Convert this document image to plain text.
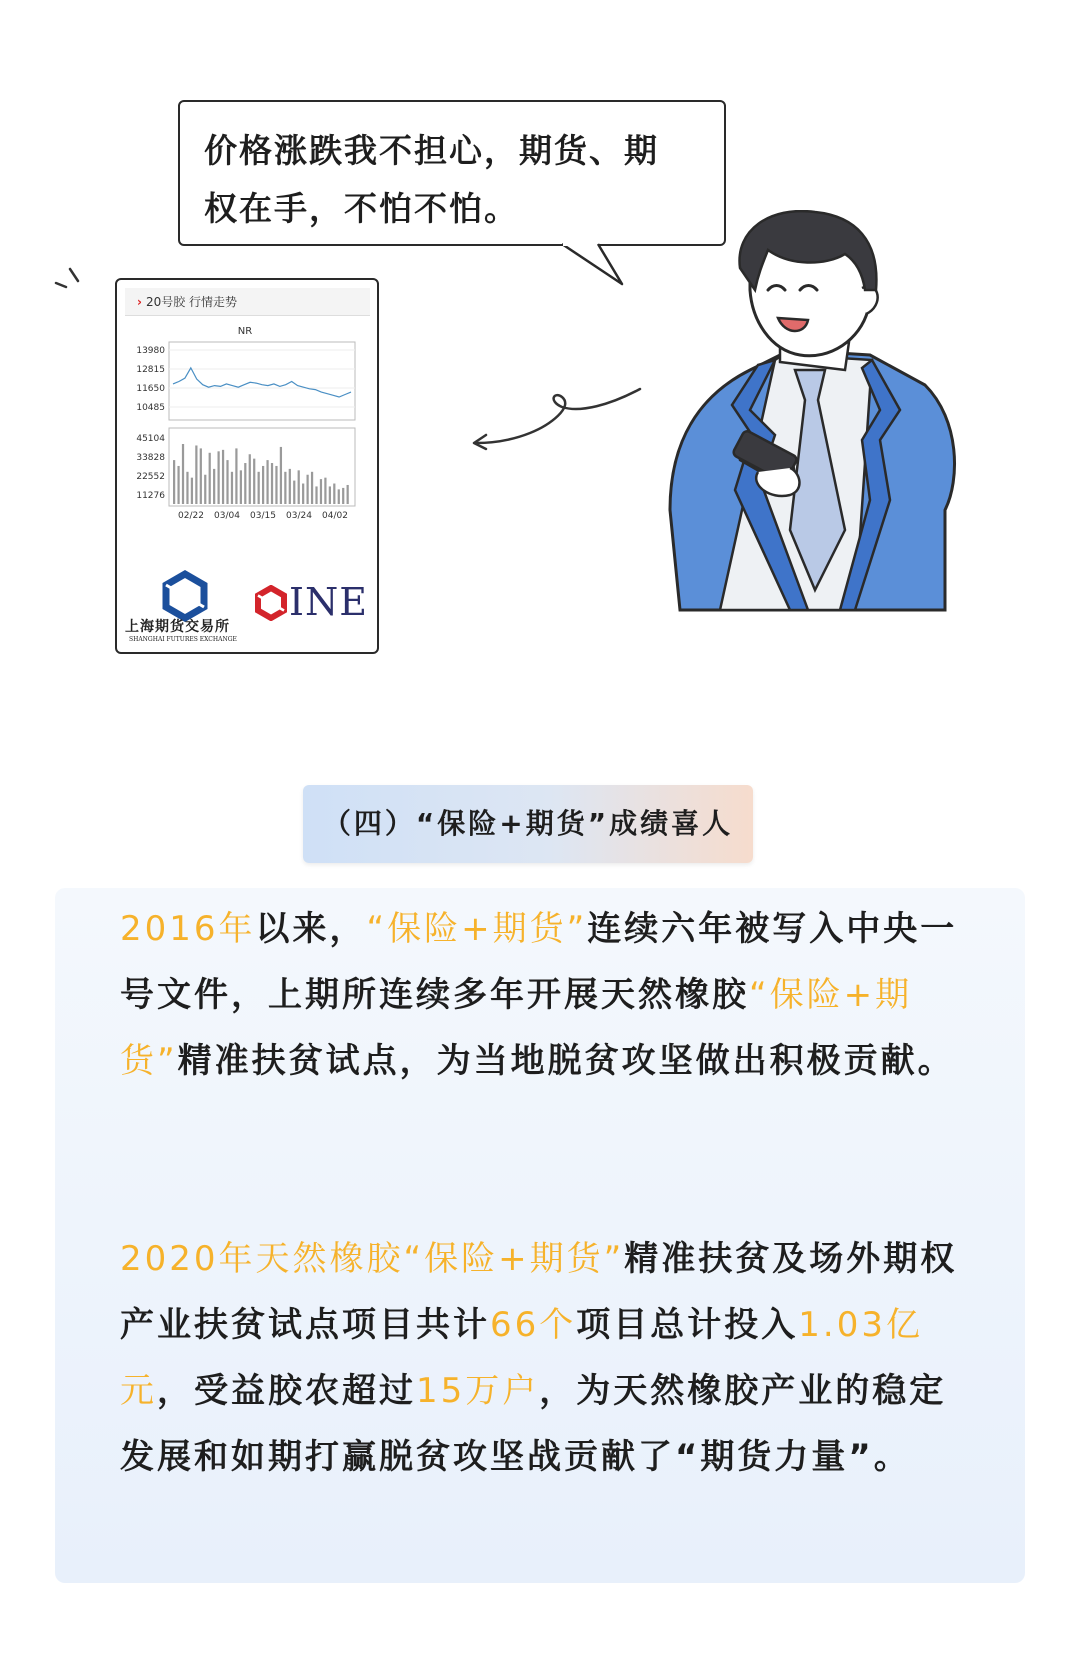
价格涨跌我不担心，期货、期
权在手，不怕不怕。
› 20号胶 行情走势
NR
13980
12815
11650
10485
45104
33828
22552
11276
02/22 03/04 03/15 03/24 04/02
上海期货交易所
SHANGHAI FUTURES EXCHANGE
INE
（四）“保险+期货”成绩喜人
2016年以来，“保险+期货”连续六年被写入中央一号文件，上期所连续多年开展天然橡胶“保险+期货”精准扶贫试点，为当地脱贫攻坚做出积极贡献。
2020年天然橡胶“保险+期货”精准扶贫及场外期权产业扶贫试点项目共计66个项目总计投入1.03亿元，受益胶农超过15万户，为天然橡胶产业的稳定发展和如期打赢脱贫攻坚战贡献了“期货力量”。
